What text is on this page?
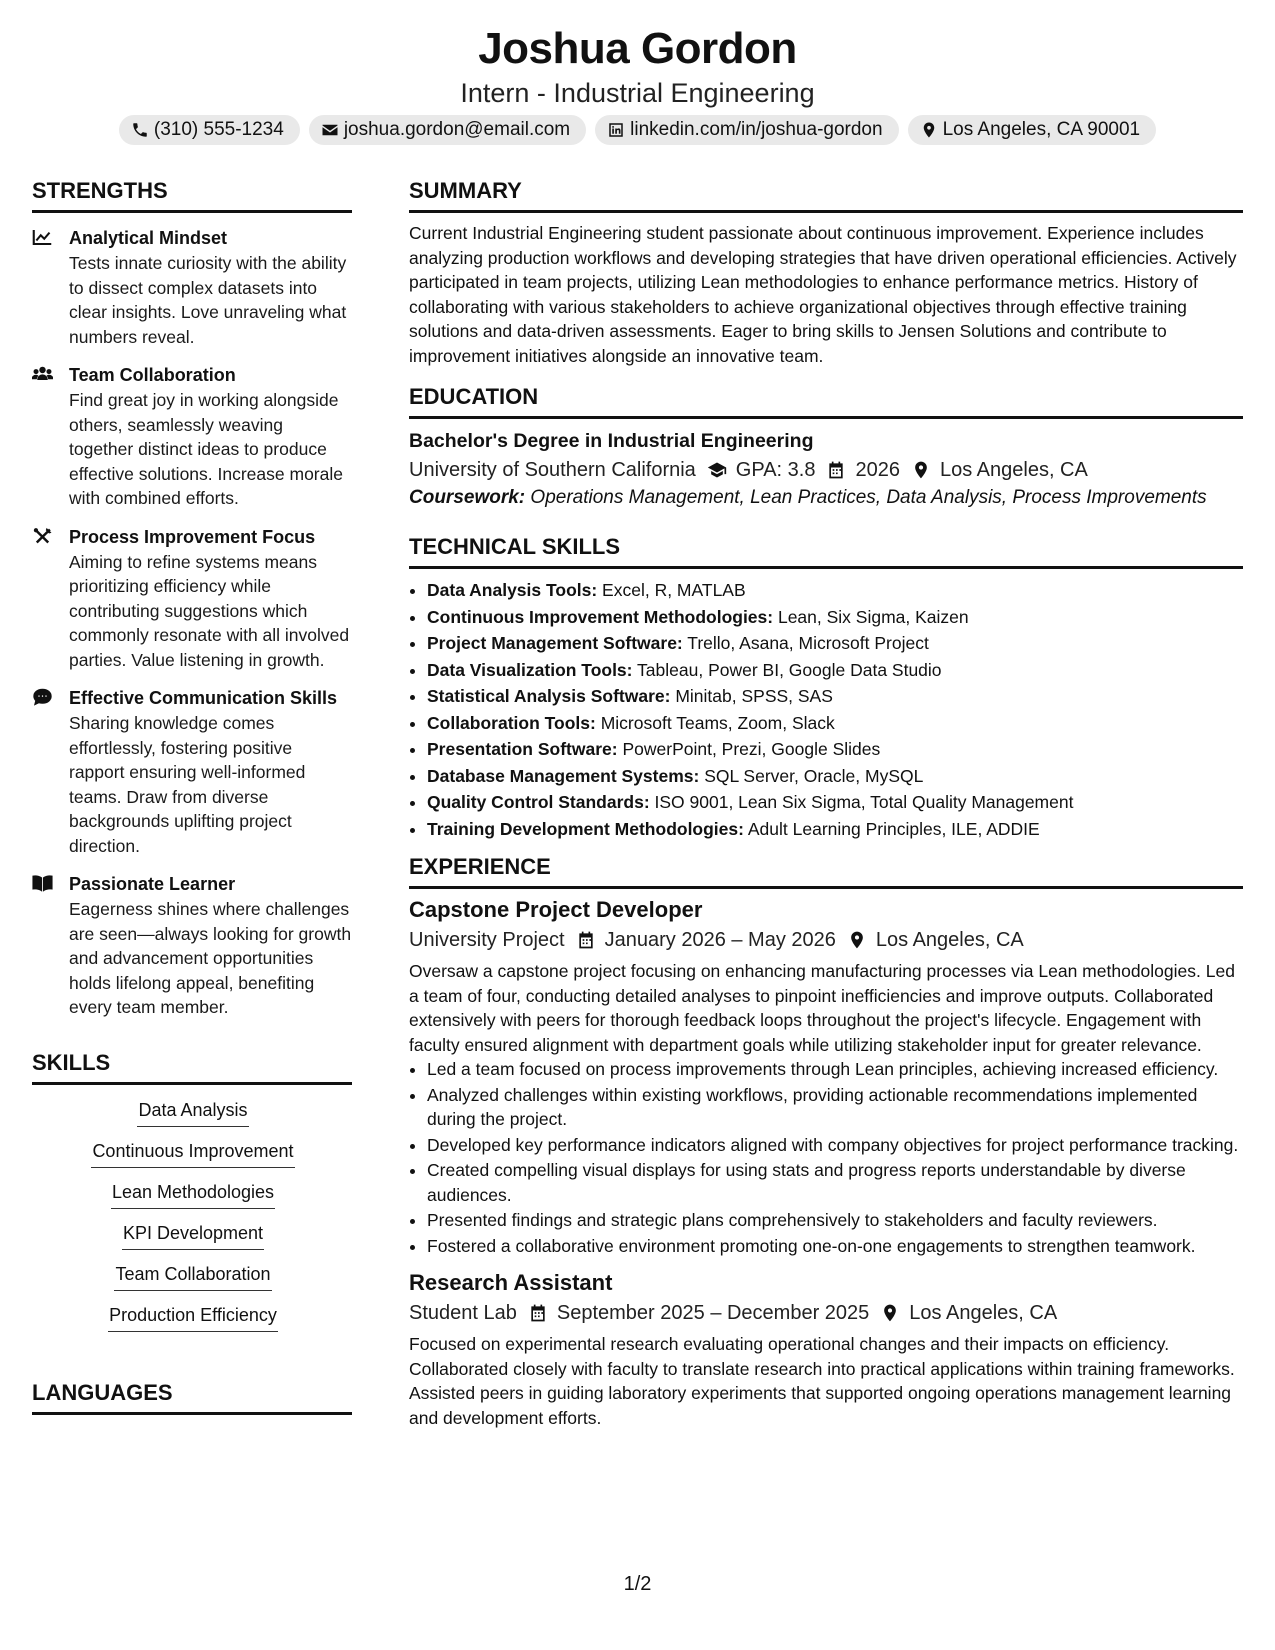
Joshua Gordon

Intern - Industrial Engineering

(310) 555-1234	joshua.gordon@email.com	linkedin.com/in/joshua-gordon	Los Angeles, CA 90001
STRENGTHS
Analytical Mindset
Tests innate curiosity with the ability to dissect complex datasets into clear insights. Love unraveling what numbers reveal.
Team Collaboration
Find great joy in working alongside others, seamlessly weaving together distinct ideas to produce effective solutions. Increase morale with combined efforts.
Process Improvement Focus
Aiming to refine systems means prioritizing efficiency while contributing suggestions which commonly resonate with all involved parties. Value listening in growth.
Effective Communication Skills
Sharing knowledge comes effortlessly, fostering positive rapport ensuring well-informed teams. Draw from diverse backgrounds uplifting project direction.
Passionate Learner
Eagerness shines where challenges are seen—always looking for growth and advancement opportunities holds lifelong appeal, benefiting every team member.
SKILLS
Data Analysis
Continuous Improvement
Lean Methodologies
KPI Development
Team Collaboration
Production Efficiency
LANGUAGES
SUMMARY

Current Industrial Engineering student passionate about continuous improvement. Experience includes analyzing production workflows and developing strategies that have driven operational efficiencies. Actively participated in team projects, utilizing Lean methodologies to enhance performance metrics. History of collaborating with various stakeholders to achieve organizational objectives through effective training solutions and data-driven assessments. Eager to bring skills to Jensen Solutions and contribute to improvement initiatives alongside an innovative team.

EDUCATION
Bachelor's Degree in Industrial Engineering
University of Southern California GPA: 3.8 2026 Los Angeles, CA
Coursework: Operations Management, Lean Practices, Data Analysis, Process Improvements
TECHNICAL SKILLS
• Data Analysis Tools: Excel, R, MATLAB
• Continuous Improvement Methodologies: Lean, Six Sigma, Kaizen
• Project Management Software: Trello, Asana, Microsoft Project
• Data Visualization Tools: Tableau, Power BI, Google Data Studio
• Statistical Analysis Software: Minitab, SPSS, SAS
• Collaboration Tools: Microsoft Teams, Zoom, Slack
• Presentation Software: PowerPoint, Prezi, Google Slides
• Database Management Systems: SQL Server, Oracle, MySQL
• Quality Control Standards: ISO 9001, Lean Six Sigma, Total Quality Management
• Training Development Methodologies: Adult Learning Principles, ILE, ADDIE
EXPERIENCE
Capstone Project Developer
University Project January 2026 – May 2026 Los Angeles, CA
Oversaw a capstone project focusing on enhancing manufacturing processes via Lean methodologies. Led a team of four, conducting detailed analyses to pinpoint inefficiencies and improve outputs. Collaborated extensively with peers for thorough feedback loops throughout the project's lifecycle. Engagement with faculty ensured alignment with department goals while utilizing stakeholder input for greater relevance.
• Led a team focused on process improvements through Lean principles, achieving increased efficiency.
• Analyzed challenges within existing workflows, providing actionable recommendations implemented during the project.
• Developed key performance indicators aligned with company objectives for project performance tracking.
• Created compelling visual displays for using stats and progress reports understandable by diverse audiences.
• Presented findings and strategic plans comprehensively to stakeholders and faculty reviewers.
• Fostered a collaborative environment promoting one-on-one engagements to strengthen teamwork.
Research Assistant
Student Lab September 2025 – December 2025 Los Angeles, CA
Focused on experimental research evaluating operational changes and their impacts on efficiency. Collaborated closely with faculty to translate research into practical applications within training frameworks. Assisted peers in guiding laboratory experiments that supported ongoing operations management learning and development efforts.
1/2
